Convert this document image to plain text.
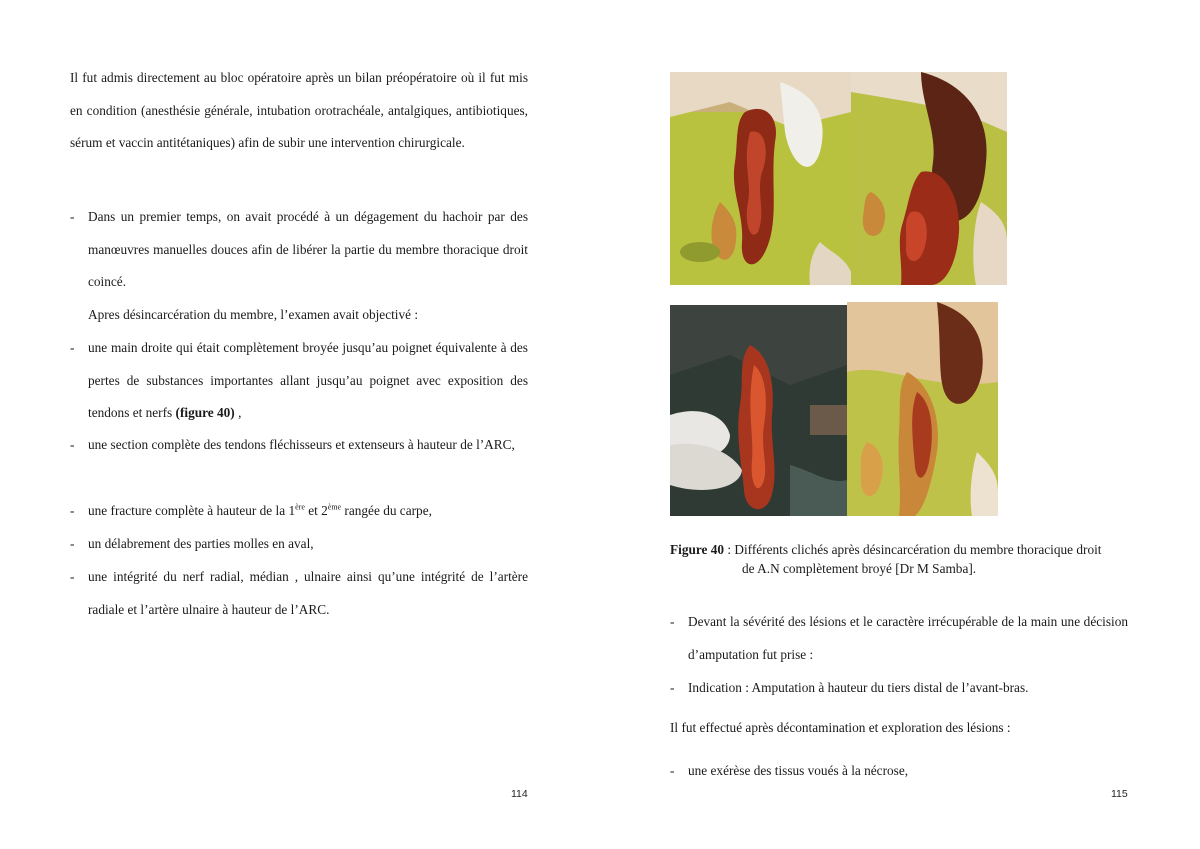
Il fut admis directement au bloc opératoire après un bilan préopératoire où il fut mis en condition (anesthésie générale, intubation orotrachéale, antalgiques, antibiotiques, sérum et vaccin antitétaniques) afin de subir une intervention chirurgicale.
- Dans un premier temps, on avait procédé à un dégagement du hachoir par des manœuvres manuelles douces afin de libérer la partie du membre thoracique droit coincé.
Apres désincarcération du membre, l’examen avait objectivé :
- une main droite qui était complètement broyée jusqu’au poignet équivalente à des pertes de substances importantes allant jusqu’au poignet avec exposition des tendons et nerfs (figure 40) ,
- une section complète des tendons fléchisseurs et extenseurs à hauteur de l’ARC,
- une fracture complète à hauteur de la 1ère et 2ème rangée du carpe,
- un délabrement des parties molles en aval,
- une intégrité du nerf radial, médian , ulnaire ainsi qu’une intégrité de l’artère radiale et l’artère ulnaire à hauteur de l’ARC.
114
Figure 40 : Différents clichés après désincarcération du membre thoracique droit
de A.N complètement broyé [Dr M Samba].
- Devant la sévérité des lésions et le caractère irrécupérable de la main une décision d’amputation fut prise :
- Indication : Amputation à hauteur du tiers distal de l’avant-bras.
Il fut effectué après décontamination et exploration des lésions :
- une exérèse des tissus voués à la nécrose,
115
